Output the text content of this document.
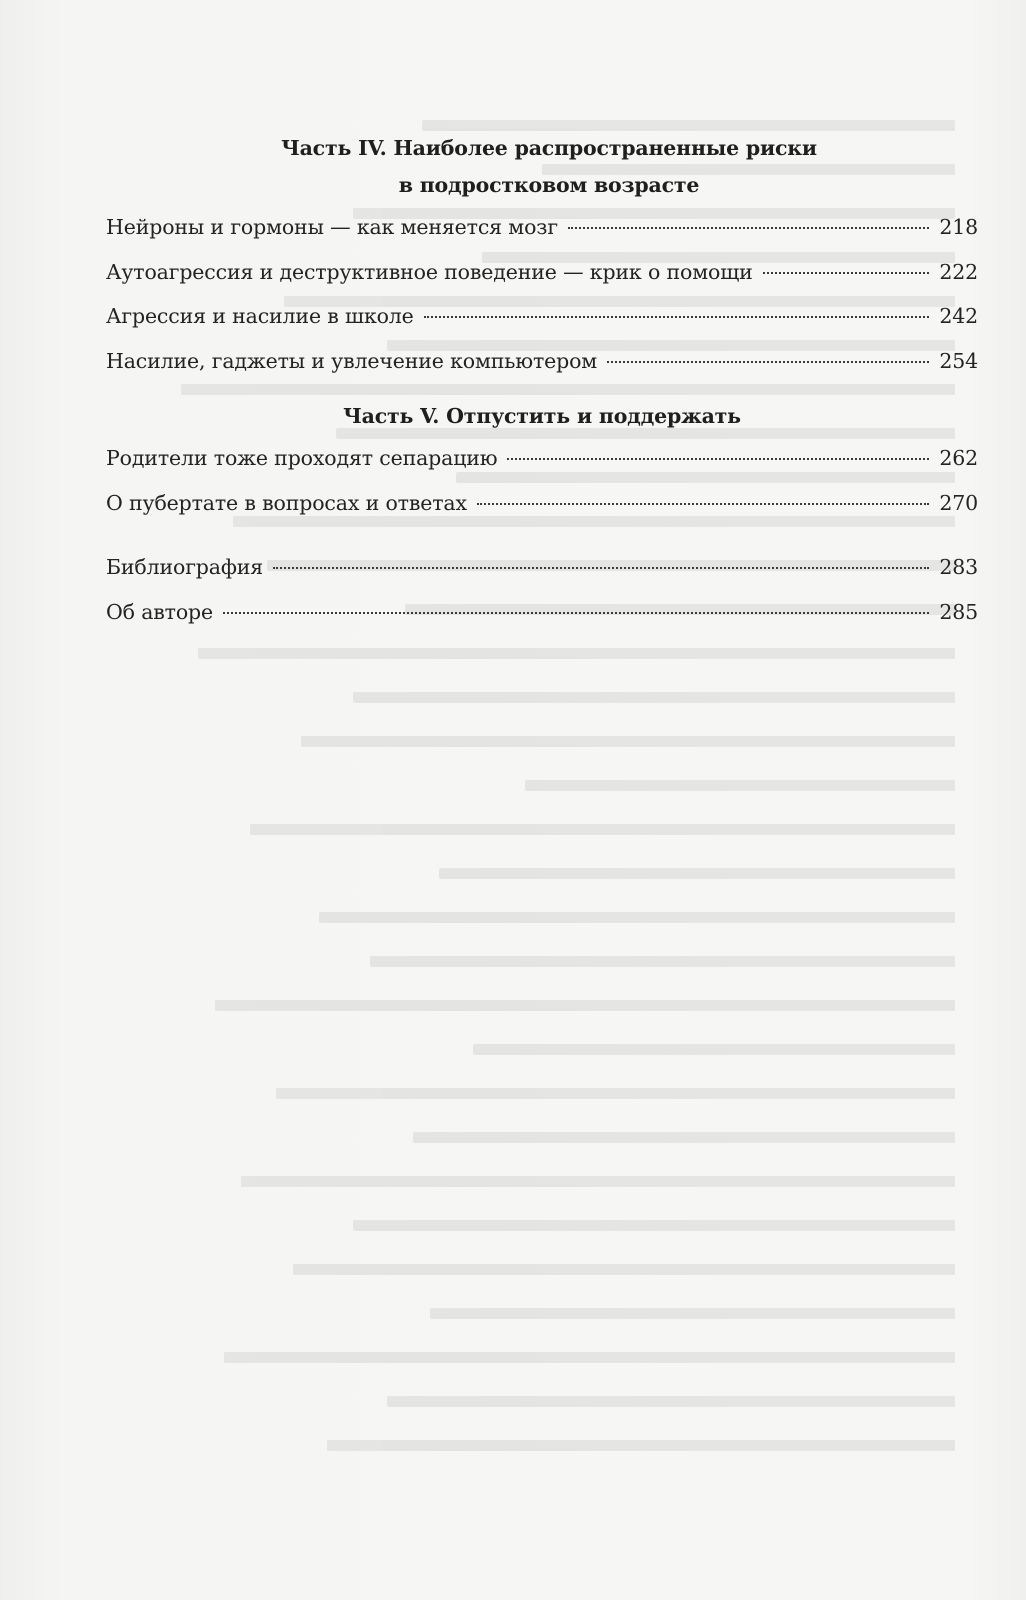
Часть IV. Наиболее распространенные риски
в подростковом возрасте
Нейроны и гормоны — как меняется мозг	218
Аутоагрессия и деструктивное поведение — крик о помощи	222
Агрессия и насилие в школе	242
Насилие, гаджеты и увлечение компьютером	254
Часть V. Отпустить и поддержать
Родители тоже проходят сепарацию	262
О пубертате в вопросах и ответах	270
Библиография	283
Об авторе	285
